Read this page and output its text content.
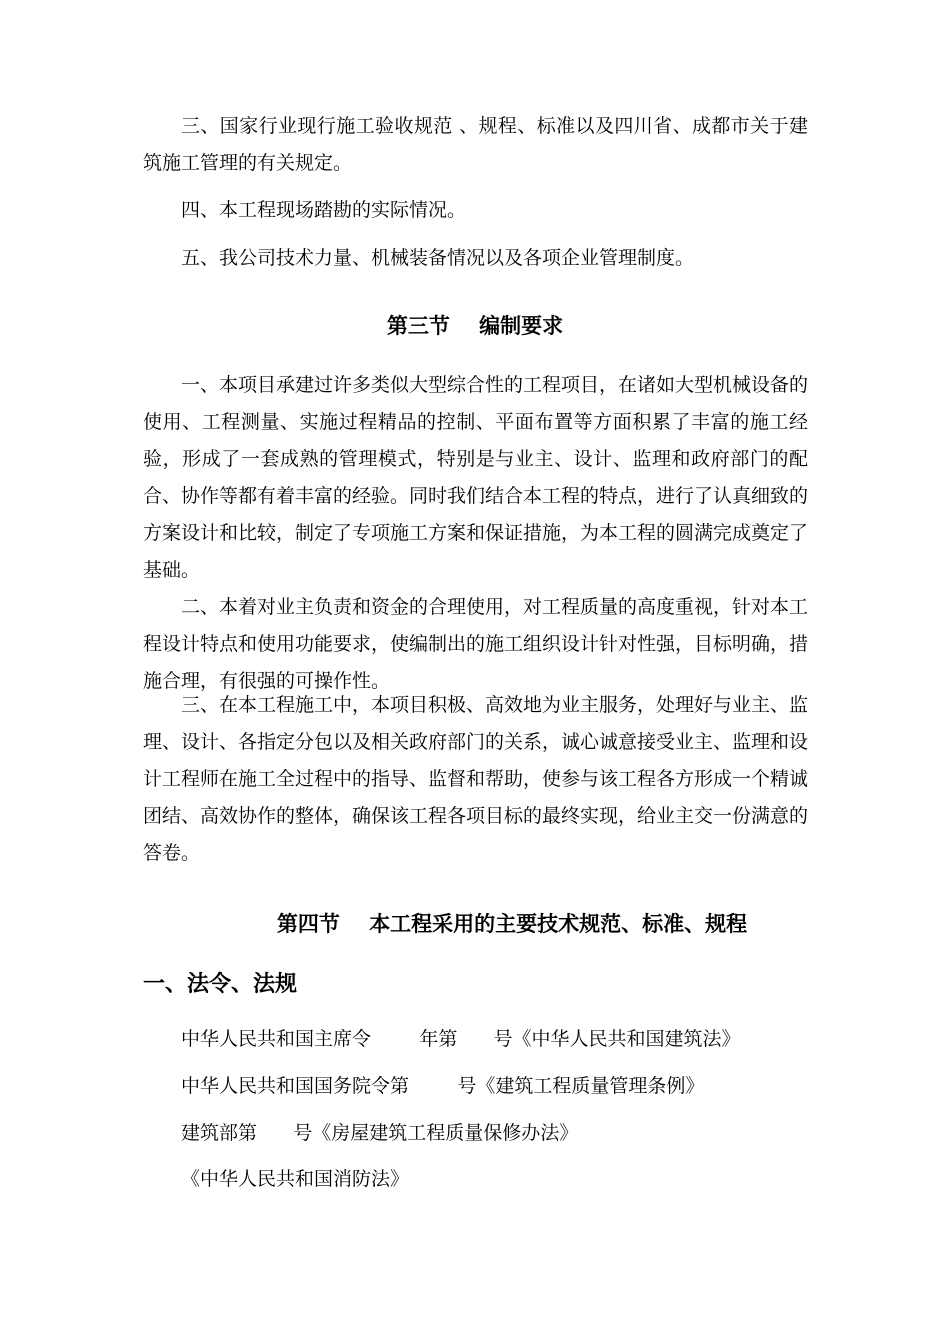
三、国家行业现行施工验收规范 、规程、标准以及四川省、成都市关于建筑施工管理的有关规定。

四、本工程现场踏勘的实际情况。

五、我公司技术力量、机械装备情况以及各项企业管理制度。

第三节    编制要求

一、本项目承建过许多类似大型综合性的工程项目，在诸如大型机械设备的使用、工程测量、实施过程精品的控制、平面布置等方面积累了丰富的施工经验，形成了一套成熟的管理模式，特别是与业主、设计、监理和政府部门的配合、协作等都有着丰富的经验。同时我们结合本工程的特点，进行了认真细致的方案设计和比较，制定了专项施工方案和保证措施，为本工程的圆满完成奠定了基础。

二、本着对业主负责和资金的合理使用，对工程质量的高度重视，针对本工程设计特点和使用功能要求，使编制出的施工组织设计针对性强，目标明确，措施合理，有很强的可操作性。

三、在本工程施工中，本项目积极、高效地为业主服务，处理好与业主、监理、设计、各指定分包以及相关政府部门的关系，诚心诚意接受业主、监理和设计工程师在施工全过程中的指导、监督和帮助，使参与该工程各方形成一个精诚团结、高效协作的整体，确保该工程各项目标的最终实现，给业主交一份满意的答卷。

第四节    本工程采用的主要技术规范、标准、规程
一、法令、法规
中华人民共和国主席令        年第      号《中华人民共和国建筑法》
中华人民共和国国务院令第        号《建筑工程质量管理条例》
建筑部第      号《房屋建筑工程质量保修办法》
《中华人民共和国消防法》
